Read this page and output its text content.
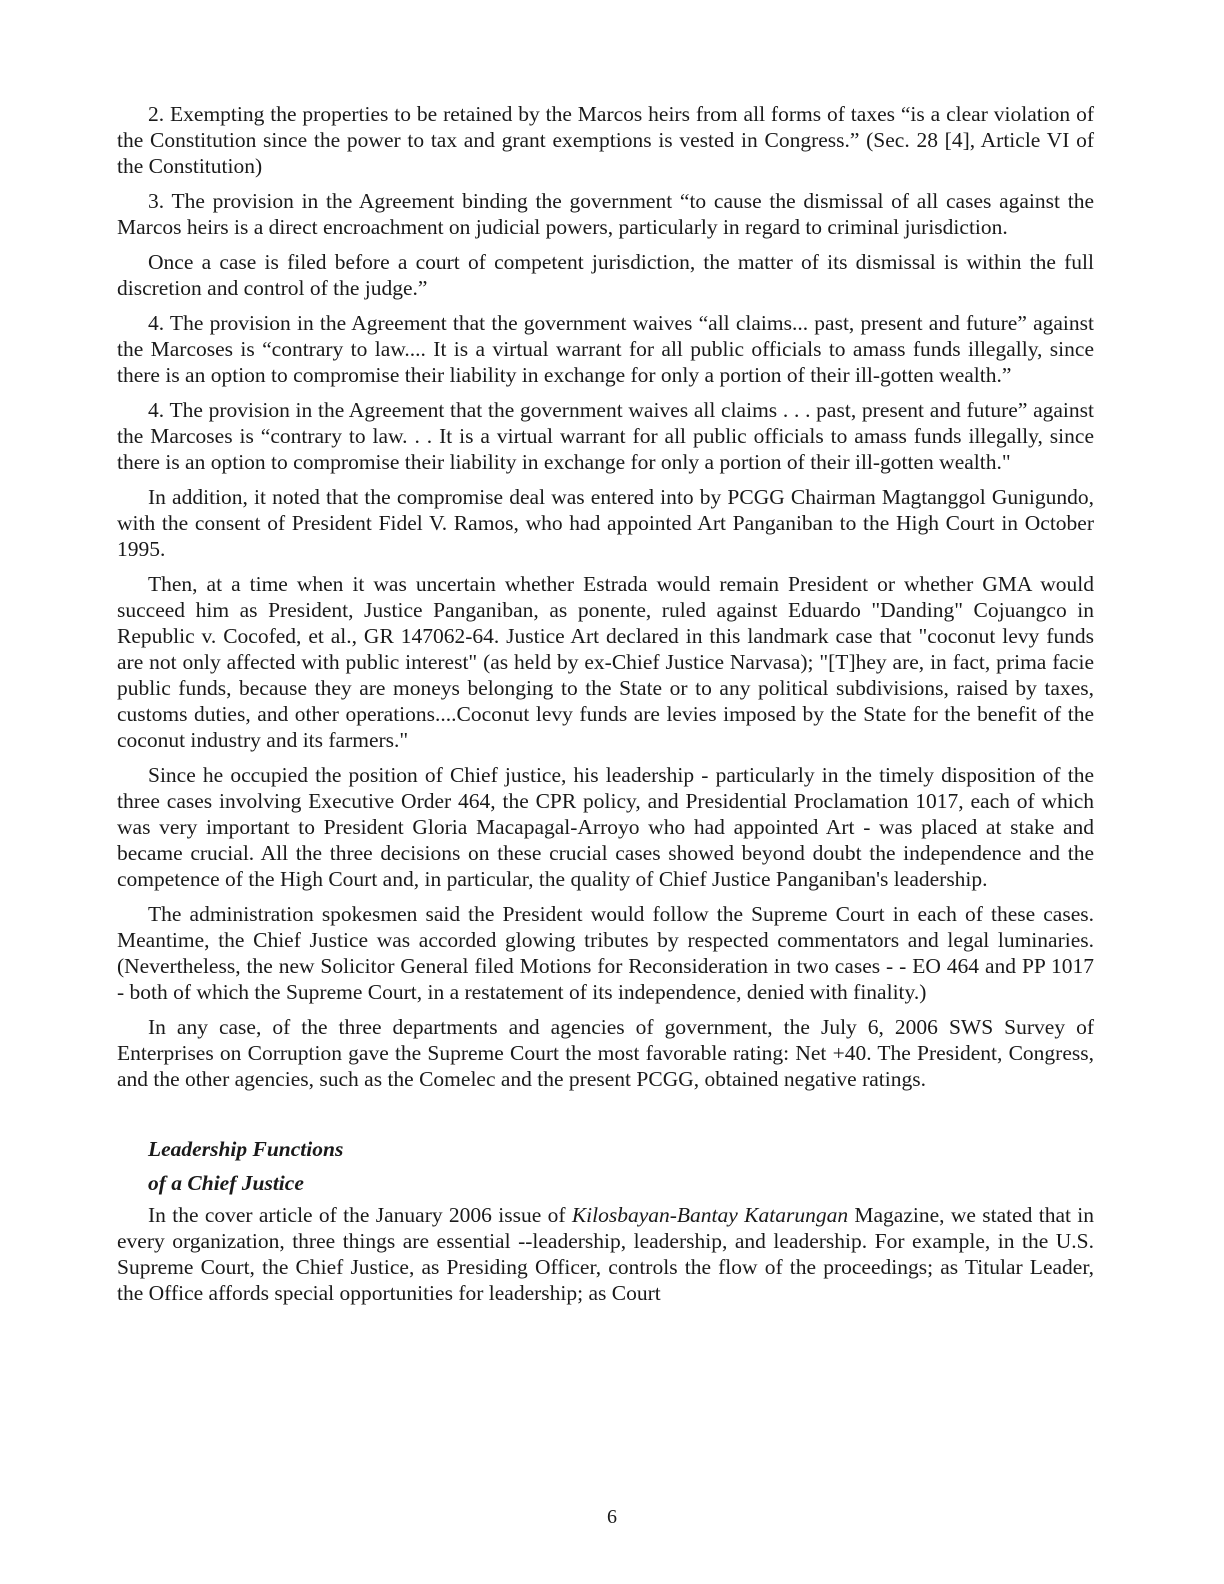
2. Exempting the properties to be retained by the Marcos heirs from all forms of taxes “is a clear violation of the Constitution since the power to tax and grant exemptions is vested in Congress.” (Sec. 28 [4], Article VI of the Constitution)

3. The provision in the Agreement binding the government “to cause the dismissal of all cases against the Marcos heirs is a direct encroachment on judicial powers, particularly in regard to criminal jurisdiction.

Once a case is filed before a court of competent jurisdiction, the matter of its dismissal is within the full discretion and control of the judge.”

4. The provision in the Agreement that the government waives “all claims... past, present and future” against the Marcoses is “contrary to law.... It is a virtual warrant for all public officials to amass funds illegally, since there is an option to compromise their liability in exchange for only a portion of their ill-gotten wealth.”

4. The provision in the Agreement that the government waives all claims . . . past, present and future” against the Marcoses is “contrary to law. . . It is a virtual warrant for all public officials to amass funds illegally, since there is an option to compromise their liability in exchange for only a portion of their ill-gotten wealth."

In addition, it noted that the compromise deal was entered into by PCGG Chairman Magtanggol Gunigundo, with the consent of President Fidel V. Ramos, who had appointed Art Panganiban to the High Court in October 1995.

Then, at a time when it was uncertain whether Estrada would remain President or whether GMA would succeed him as President, Justice Panganiban, as ponente, ruled against Eduardo "Danding" Cojuangco in Republic v. Cocofed, et al., GR 147062-64. Justice Art declared in this landmark case that "coconut levy funds are not only affected with public interest" (as held by ex-Chief Justice Narvasa); "[T]hey are, in fact, prima facie public funds, because they are moneys belonging to the State or to any political subdivisions, raised by taxes, customs duties, and other operations....Coconut levy funds are levies imposed by the State for the benefit of the coconut industry and its farmers."

Since he occupied the position of Chief justice, his leadership - particularly in the timely disposition of the three cases involving Executive Order 464, the CPR policy, and Presidential Proclamation 1017, each of which was very important to President Gloria Macapagal-Arroyo who had appointed Art - was placed at stake and became crucial. All the three decisions on these crucial cases showed beyond doubt the independence and the competence of the High Court and, in particular, the quality of Chief Justice Panganiban's leadership.

The administration spokesmen said the President would follow the Supreme Court in each of these cases. Meantime, the Chief Justice was accorded glowing tributes by respected commentators and legal luminaries. (Nevertheless, the new Solicitor General filed Motions for Reconsideration in two cases - - EO 464 and PP 1017 - both of which the Supreme Court, in a restatement of its independence, denied with finality.)

In any case, of the three departments and agencies of government, the July 6, 2006 SWS Survey of Enterprises on Corruption gave the Supreme Court the most favorable rating: Net +40. The President, Congress, and the other agencies, such as the Comelec and the present PCGG, obtained negative ratings.

Leadership Functions

of a Chief Justice

In the cover article of the January 2006 issue of Kilosbayan-Bantay Katarungan Magazine, we stated that in every organization, three things are essential --leadership, leadership, and leadership. For example, in the U.S. Supreme Court, the Chief Justice, as Presiding Officer, controls the flow of the proceedings; as Titular Leader, the Office affords special opportunities for leadership; as Court

6
